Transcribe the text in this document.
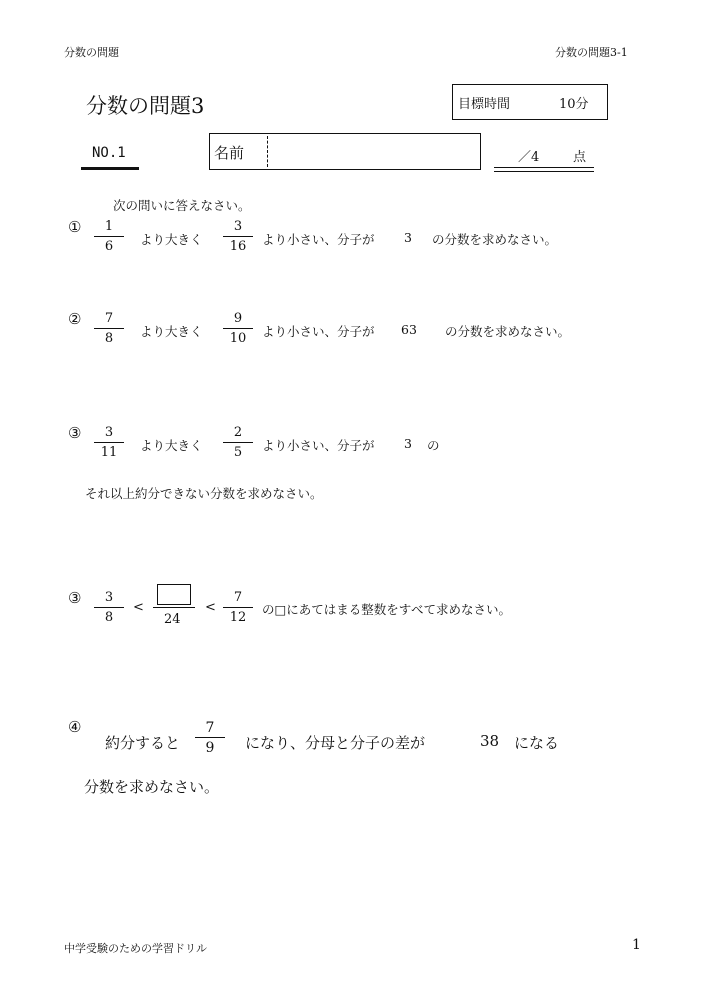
分数の問題	分数の問題3-1
分数の問題3	目標時間	10分
NO.1	名前	／4	点
次の問いに答えなさい。
①	1
6	より大きく
3
16	より小さい、分子が 3 の分数を求めなさい。
②	7
8	より大きく
9
10	より小さい、分子が 63 の分数を求めなさい。
③	3
11	より大きく
2
5	より小さい、分子が 3 の
それ以上約分できない分数を求めなさい。
③	3
8
<
24
<
7
12
の□にあてはまる整数をすべて求めなさい。
④
約分すると
7
9	になり、分母と分子の差が	38 になる
分数を求めなさい。
中学受験のための学習ドリル	1
